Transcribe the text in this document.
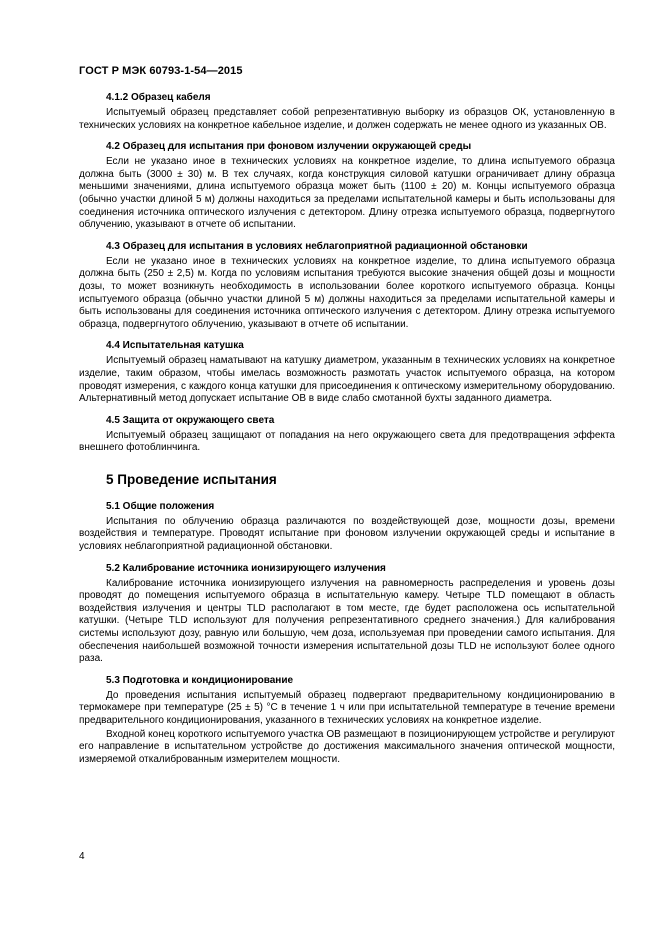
ГОСТ Р МЭК 60793-1-54—2015

4.1.2 Образец кабеля

Испытуемый образец представляет собой репрезентативную выборку из образцов ОК, установленную в технических условиях на конкретное кабельное изделие, и должен содержать не менее одного из указанных ОВ.

4.2 Образец для испытания при фоновом излучении окружающей среды

Если не указано иное в технических условиях на конкретное изделие, то длина испытуемого образца должна быть (3000 ± 30) м. В тех случаях, когда конструкция силовой катушки ограничивает длину образца меньшими значениями, длина испытуемого образца может быть (1100 ± 20) м. Концы испытуемого образца (обычно участки длиной 5 м) должны находиться за пределами испытательной камеры и быть использованы для соединения источника оптического излучения с детектором. Длину отрезка испытуемого образца, подвергнутого облучению, указывают в отчете об испытании.

4.3 Образец для испытания в условиях неблагоприятной радиационной обстановки

Если не указано иное в технических условиях на конкретное изделие, то длина испытуемого образца должна быть (250 ± 2,5) м. Когда по условиям испытания требуются высокие значения общей дозы и мощности дозы, то может возникнуть необходимость в использовании более короткого испытуемого образца. Концы испытуемого образца (обычно участки длиной 5 м) должны находиться за пределами испытательной камеры и быть использованы для соединения источника оптического излучения с детектором. Длину отрезка испытуемого образца, подвергнутого облучению, указывают в отчете об испытании.

4.4 Испытательная катушка

Испытуемый образец наматывают на катушку диаметром, указанным в технических условиях на конкретное изделие, таким образом, чтобы имелась возможность размотать участок испытуемого образца, на котором проводят измерения, с каждого конца катушки для присоединения к оптическому измерительному оборудованию. Альтернативный метод допускает испытание ОВ в виде слабо смотанной бухты заданного диаметра.

4.5 Защита от окружающего света

Испытуемый образец защищают от попадания на него окружающего света для предотвращения эффекта внешнего фотоблинчинга.

5 Проведение испытания

5.1 Общие положения

Испытания по облучению образца различаются по воздействующей дозе, мощности дозы, времени воздействия и температуре. Проводят испытание при фоновом излучении окружающей среды и испытание в условиях неблагоприятной радиационной обстановки.

5.2 Калибрование источника ионизирующего излучения

Калибрование источника ионизирующего излучения на равномерность распределения и уровень дозы проводят до помещения испытуемого образца в испытательную камеру. Четыре TLD помещают в область воздействия излучения и центры TLD располагают в том месте, где будет расположена ось испытательной катушки. (Четыре TLD используют для получения репрезентативного среднего значения.) Для калибрования системы используют дозу, равную или большую, чем доза, используемая при проведении самого испытания. Для обеспечения наибольшей возможной точности измерения испытательной дозы TLD не используют более одного раза.

5.3 Подготовка и кондиционирование

До проведения испытания испытуемый образец подвергают предварительному кондиционированию в термокамере при температуре (25 ± 5) °C в течение 1 ч или при испытательной температуре в течение времени предварительного кондиционирования, указанного в технических условиях на конкретное изделие.

Входной конец короткого испытуемого участка ОВ размещают в позиционирующем устройстве и регулируют его направление в испытательном устройстве до достижения максимального значения оптической мощности, измеряемой откалиброванным измерителем мощности.

4
